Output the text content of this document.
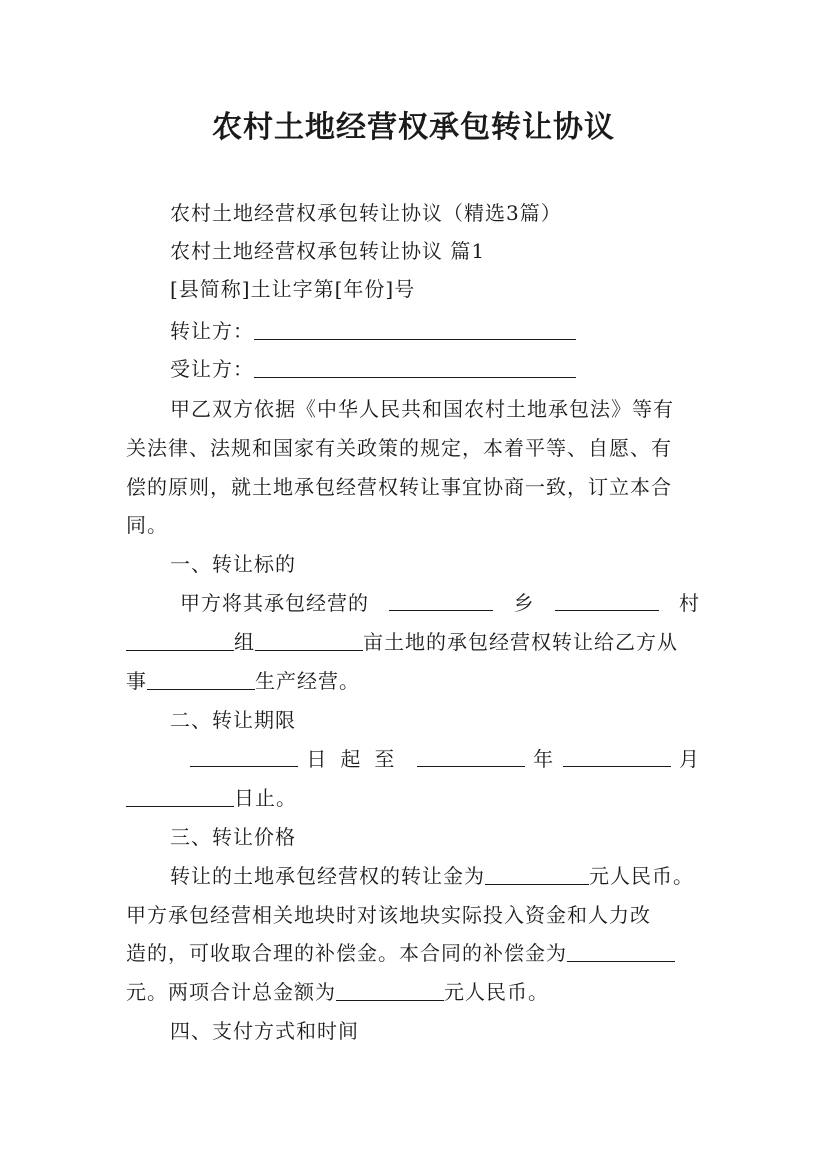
农村土地经营权承包转让协议
农村土地经营权承包转让协议（精选3篇）
农村土地经营权承包转让协议 篇1
[县简称]土让字第[年份]号
转让方：
受让方：
甲乙双方依据《中华人民共和国农村土地承包法》等有
关法律、法规和国家有关政策的规定，本着平等、自愿、有
偿的原则，就土地承包经营权转让事宜协商一致，订立本合
同。
一、转让标的
甲方将其承包经营的	乡	村
组	亩土地的承包经营权转让给乙方从
事	生产经营。
二、转让期限
日起至	年	月
日止。
三、转让价格
转让的土地承包经营权的转让金为	元人民币。
甲方承包经营相关地块时对该地块实际投入资金和人力改
造的，可收取合理的补偿金。本合同的补偿金为
元。两项合计总金额为	元人民币。
四、支付方式和时间
